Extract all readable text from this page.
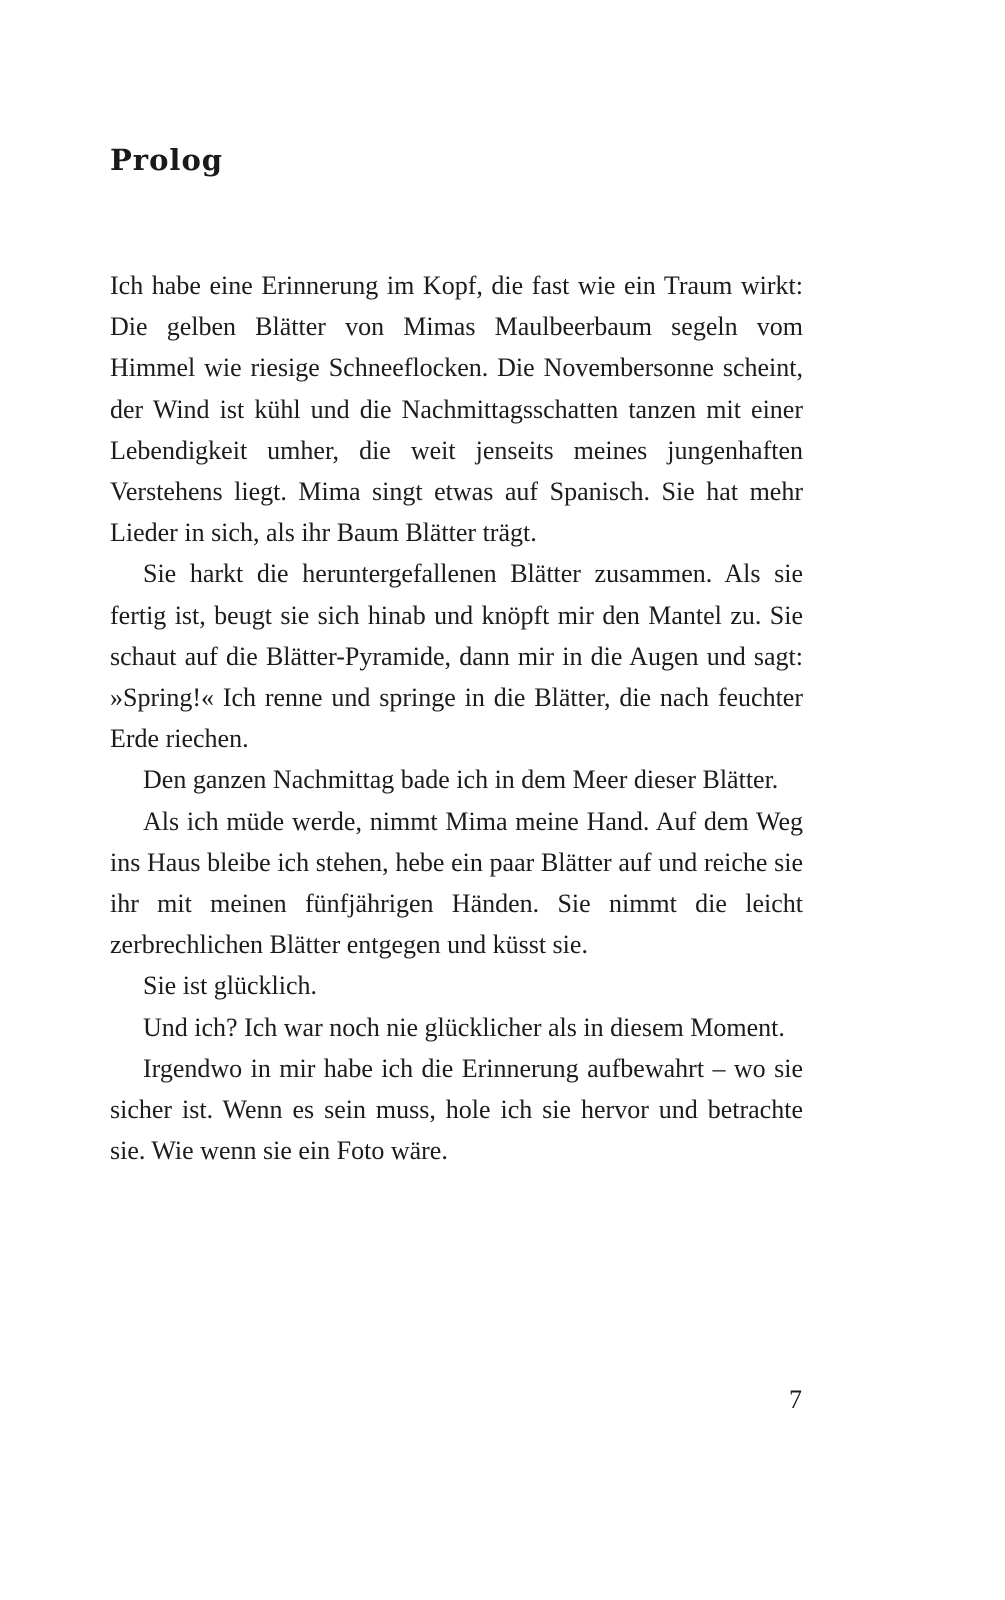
Prolog

Ich habe eine Erinnerung im Kopf, die fast wie ein Traum wirkt: Die gelben Blätter von Mimas Maulbeerbaum segeln vom Himmel wie riesige Schneeflocken. Die Novembersonne scheint, der Wind ist kühl und die Nachmittagsschatten tanzen mit einer Lebendigkeit umher, die weit jenseits meines jungenhaften Verstehens liegt. Mima singt etwas auf Spanisch. Sie hat mehr Lieder in sich, als ihr Baum Blätter trägt.

Sie harkt die heruntergefallenen Blätter zusammen. Als sie fertig ist, beugt sie sich hinab und knöpft mir den Mantel zu. Sie schaut auf die Blätter-Pyramide, dann mir in die Augen und sagt: »Spring!« Ich renne und springe in die Blätter, die nach feuchter Erde riechen.

Den ganzen Nachmittag bade ich in dem Meer dieser Blätter.

Als ich müde werde, nimmt Mima meine Hand. Auf dem Weg ins Haus bleibe ich stehen, hebe ein paar Blätter auf und reiche sie ihr mit meinen fünfjährigen Händen. Sie nimmt die leicht zerbrechlichen Blätter entgegen und küsst sie.

Sie ist glücklich.

Und ich? Ich war noch nie glücklicher als in diesem Moment.

Irgendwo in mir habe ich die Erinnerung aufbewahrt – wo sie sicher ist. Wenn es sein muss, hole ich sie hervor und betrachte sie. Wie wenn sie ein Foto wäre.

7
